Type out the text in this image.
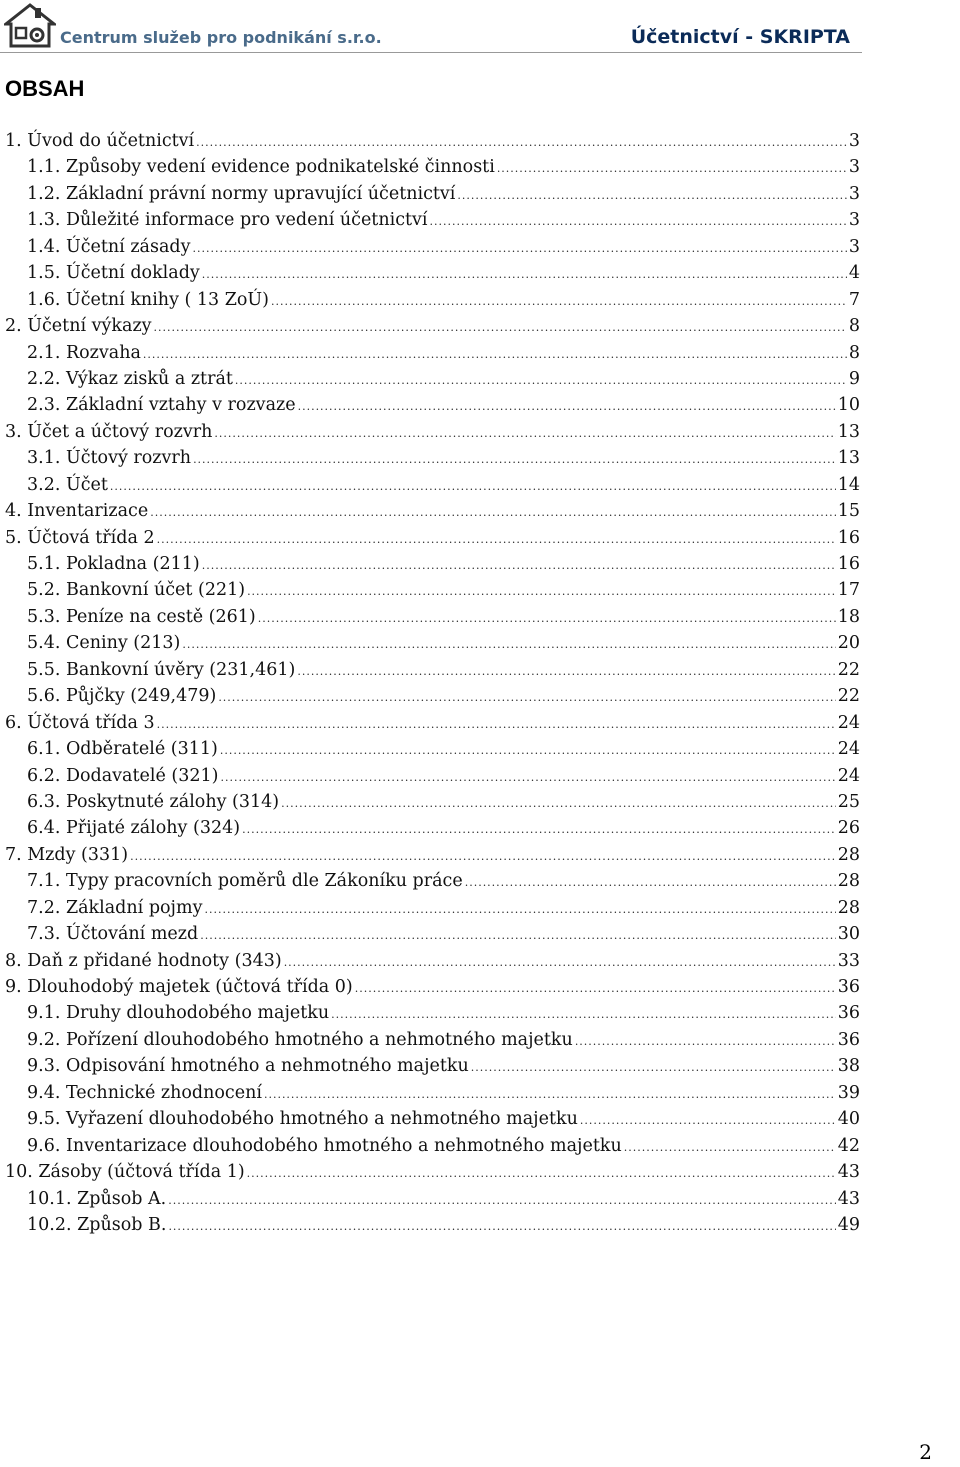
Centrum služeb pro podnikání s.r.o.	Účetnictví - SKRIPTA
OBSAH
1. Úvod do účetnictví .....	3
1.1. Způsoby vedení evidence podnikatelské činnosti .....	3
1.2. Základní právní normy upravující účetnictví .....	3
1.3. Důležité informace pro vedení účetnictví .....	3
1.4. Účetní zásady .....	3
1.5. Účetní doklady .....	4
1.6. Účetní knihy ( 13 ZoÚ) .....	7
2. Účetní výkazy .....	8
2.1. Rozvaha .....	8
2.2. Výkaz zisků a ztrát .....	9
2.3. Základní vztahy v rozvaze .....	10
3. Účet a účtový rozvrh .....	13
3.1. Účtový rozvrh .....	13
3.2. Účet .....	14
4. Inventarizace .....	15
5. Účtová třída 2 .....	16
5.1. Pokladna (211) .....	16
5.2. Bankovní účet (221) .....	17
5.3. Peníze na cestě (261) .....	18
5.4. Ceniny (213) .....	20
5.5. Bankovní úvěry (231,461) .....	22
5.6. Půjčky (249,479) .....	22
6. Účtová třída 3 .....	24
6.1. Odběratelé (311) .....	24
6.2. Dodavatelé (321) .....	24
6.3. Poskytnuté zálohy (314) .....	25
6.4. Přijaté zálohy (324) .....	26
7. Mzdy (331) .....	28
7.1. Typy pracovních poměrů dle Zákoníku práce .....	28
7.2. Základní pojmy .....	28
7.3. Účtování mezd .....	30
8. Daň z přidané hodnoty (343) .....	33
9. Dlouhodobý majetek (účtová třída 0) .....	36
9.1. Druhy dlouhodobého majetku .....	36
9.2. Pořízení dlouhodobého hmotného a nehmotného majetku .....	36
9.3. Odpisování hmotného a nehmotného majetku .....	38
9.4. Technické zhodnocení .....	39
9.5. Vyřazení dlouhodobého hmotného a nehmotného majetku .....	40
9.6. Inventarizace dlouhodobého hmotného a nehmotného majetku .....	42
10. Zásoby (účtová třída 1) .....	43
10.1. Způsob A. .....	43
10.2. Způsob B. .....	49
2
